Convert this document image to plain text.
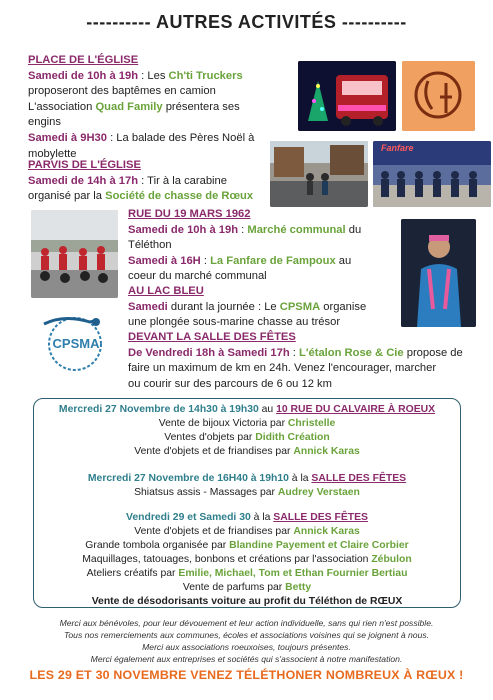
---------- AUTRES ACTIVITÉS ----------
PLACE DE L'ÉGLISE
Samedi de 10h à 19h : Les Ch'ti Truckers
proposeront des baptêmes en camion
L'association Quad Family présentera ses
engins
Samedi à 9H30 : La balade des Pères Noël à
mobylette
PARVIS DE L'ÉGLISE
Samedi de 14h à 17h : Tir à la carabine
organisé par la Société de chasse de Rœux
Fanfare
RUE DU 19 MARS 1962
Samedi de 10h à 19h : Marché communal du
Téléthon
Samedi à 16H : La Fanfare de Fampoux au
coeur du marché communal
AU LAC BLEU
Samedi durant la journée : Le CPSMA organise
une plongée sous-marine chasse au trésor
CPSMA	DEVANT LA SALLE DES FÊTES
De Vendredi 18h à Samedi 17h : L'étalon Rose & Cie propose de
faire un maximum de km en 24h. Venez l'encourager, marcher
ou courir sur des parcours de 6 ou 12 km
Mercredi 27 Novembre de 14h30 à 19h30 au 10 RUE DU CALVAIRE À ROEUX
Vente de bijoux Victoria par Christelle
Ventes d'objets par Didith Création
Vente d'objets et de friandises par Annick Karas
Mercredi 27 Novembre de 16H40 à 19h10 à la SALLE DES FÊTES
Shiatsus assis - Massages par Audrey Verstaen
Vendredi 29 et Samedi 30 à la SALLE DES FÊTES
Vente d'objets et de friandises par Annick Karas
Grande tombola organisée par Blandine Payement et Claire Corbier
Maquillages, tatouages, bonbons et créations par l'association Zébulon
Ateliers créatifs par Emilie, Michael, Tom et Ethan Fournier Bertiau
Vente de parfums par Betty
Vente de désodorisants voiture au profit du Téléthon de RŒUX
Merci aux bénévoles, pour leur dévouement et leur action individuelle, sans qui rien n'est possible.
Tous nos remerciements aux communes, écoles et associations voisines qui se joignent à nous.
Merci aux associations roeuxoises, toujours présentes.
Merci également aux entreprises et sociétés qui s'associent à notre manifestation.
LES 29 ET 30 NOVEMBRE VENEZ TÉLÉTHONER NOMBREUX À RŒUX !
